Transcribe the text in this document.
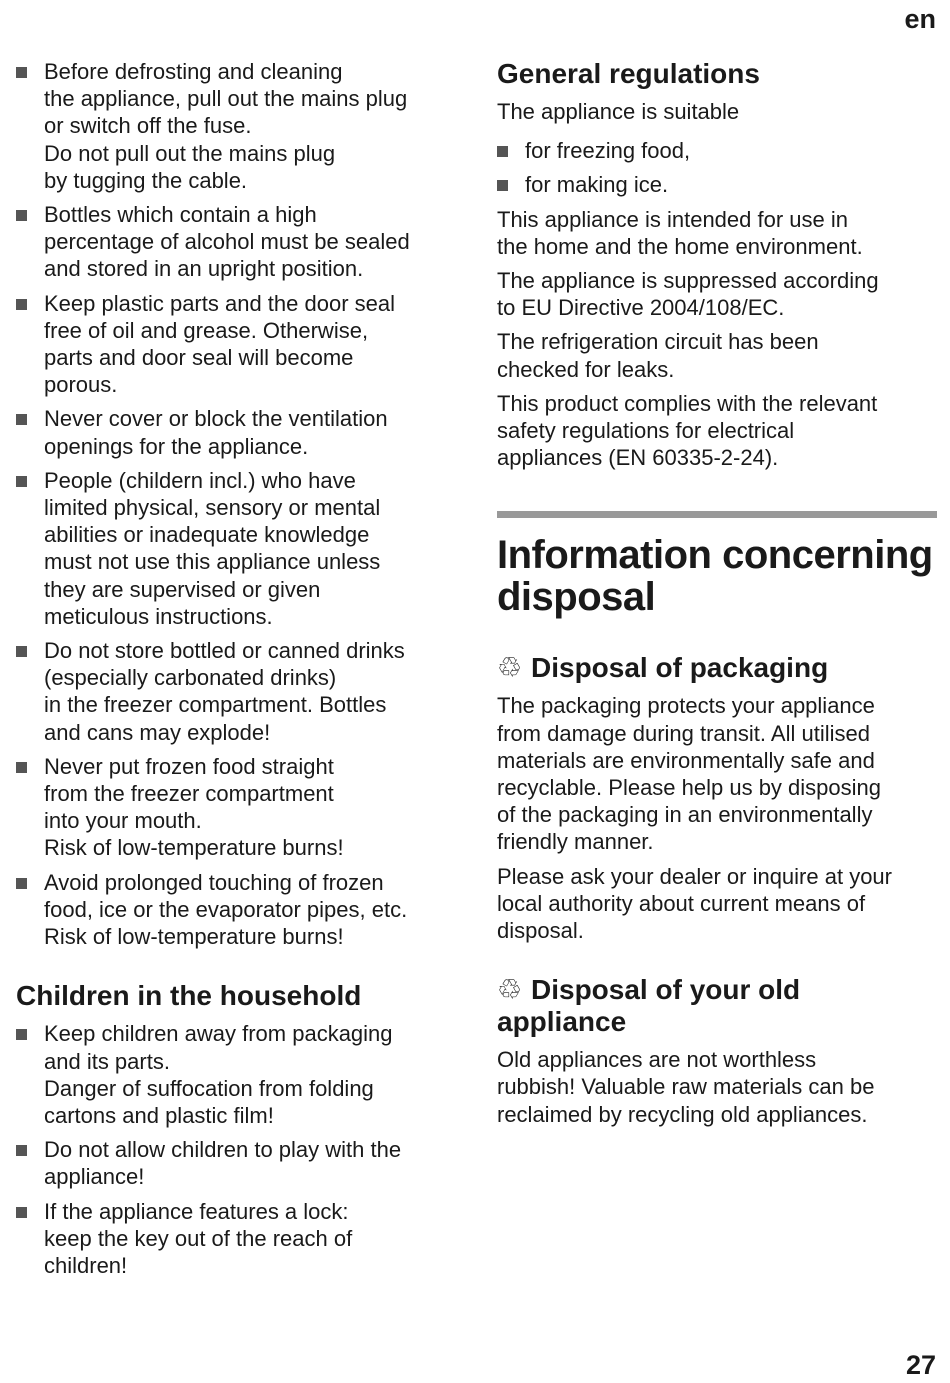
en
Before defrosting and cleaning
the appliance, pull out the mains plug
or switch off the fuse.
Do not pull out the mains plug
by tugging the cable.
Bottles which contain a high
percentage of alcohol must be sealed
and stored in an upright position.
Keep plastic parts and the door seal
free of oil and grease. Otherwise,
parts and door seal will become
porous.
Never cover or block the ventilation
openings for the appliance.
People (childern incl.) who have
limited physical, sensory or mental
abilities or inadequate knowledge
must not use this appliance unless
they are supervised or given
meticulous instructions.
Do not store bottled or canned drinks
(especially carbonated drinks)
in the freezer compartment. Bottles
and cans may explode!
Never put frozen food straight
from the freezer compartment
into your mouth.
Risk of low-temperature burns!
Avoid prolonged touching of frozen
food, ice or the evaporator pipes, etc.
Risk of low-temperature burns!
Children in the household
Keep children away from packaging
and its parts.
Danger of suffocation from folding
cartons and plastic film!
Do not allow children to play with the
appliance!
If the appliance features a lock:
keep the key out of the reach of
children!
General regulations
The appliance is suitable
for freezing food,
for making ice.
This appliance is intended for use in
the home and the home environment.
The appliance is suppressed according
to EU Directive 2004/108/EC.
The refrigeration circuit has been
checked for leaks.
This product complies with the relevant
safety regulations for electrical
appliances (EN 60335-2-24).
Information concerning
disposal
♲ Disposal of packaging
The packaging protects your appliance
from damage during transit. All utilised
materials are environmentally safe and
recyclable. Please help us by disposing
of the packaging in an environmentally
friendly manner.
Please ask your dealer or inquire at your
local authority about current means of
disposal.
♲ Disposal of your old
appliance
Old appliances are not worthless
rubbish! Valuable raw materials can be
reclaimed by recycling old appliances.
27
